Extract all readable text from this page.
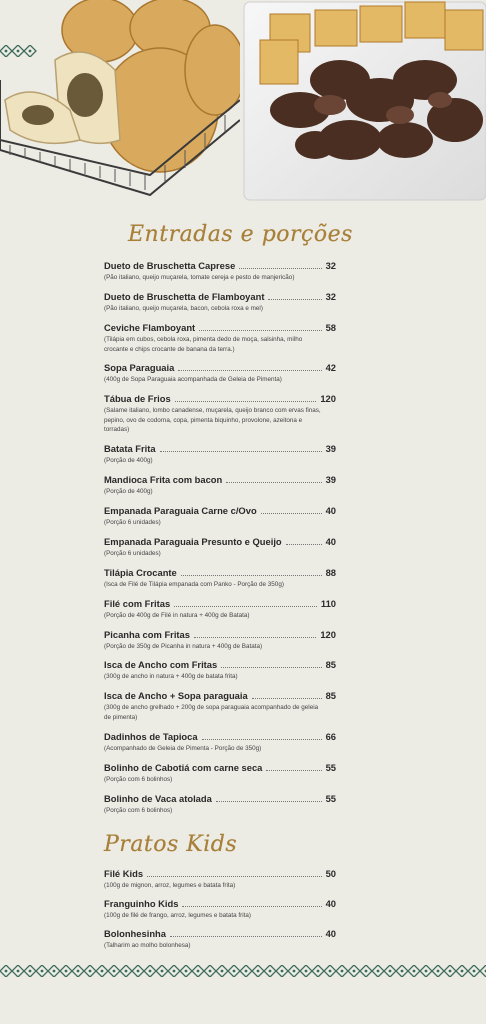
Entradas e porções
Dueto de Bruschetta Caprese	32
(Pão italiano, queijo muçarela, tomate cereja e pesto de manjericão)
Dueto de Bruschetta de Flamboyant	32
(Pão italiano, queijo muçarela, bacon, cebola roxa e mel)
Ceviche Flamboyant	58
(Tilápia em cubos, cebola roxa, pimenta dedo de moça, salsinha, milho crocante e chips crocante de banana da terra.)
Sopa Paraguaia	42
(400g de Sopa Paraguaia acompanhada de Geleia de Pimenta)
Tábua de Frios	120
(Salame italiano, lombo canadense, muçarela, queijo branco com ervas finas, pepino, ovo de codorna, copa, pimenta biquinho, provolone, azeitona e torradas)
Batata Frita	39
(Porção de 400g)
Mandioca Frita com bacon	39
(Porção de 400g)
Empanada Paraguaia Carne c/Ovo	40
(Porção 6 unidades)
Empanada Paraguaia Presunto e Queijo	40
(Porção 6 unidades)
Tilápia Crocante	88
(Isca de Filé de Tilápia empanada com Panko - Porção de 350g)
Filé com Fritas	110
(Porção de 400g de Filé in natura + 400g de Batata)
Picanha com Fritas	120
(Porção de 350g de Picanha in natura + 400g de Batata)
Isca de Ancho com Fritas	85
(300g de ancho in natura + 400g de batata frita)
Isca de Ancho + Sopa paraguaia	85
(300g de ancho grelhado + 200g de sopa paraguaia acompanhado de geleia de pimenta)
Dadinhos de Tapioca	66
(Acompanhado de Geleia de Pimenta - Porção de 350g)
Bolinho de Cabotiá com carne seca	55
(Porção com 6 bolinhos)
Bolinho de Vaca atolada	55
(Porção com 6 bolinhos)
Pratos Kids
Filé Kids	50
(100g de mignon, arroz, legumes e batata frita)
Franguinho Kids	40
(100g de filé de frango, arroz, legumes e batata frita)
Bolonhesinha	40
(Talharim ao molho bolonhesa)
